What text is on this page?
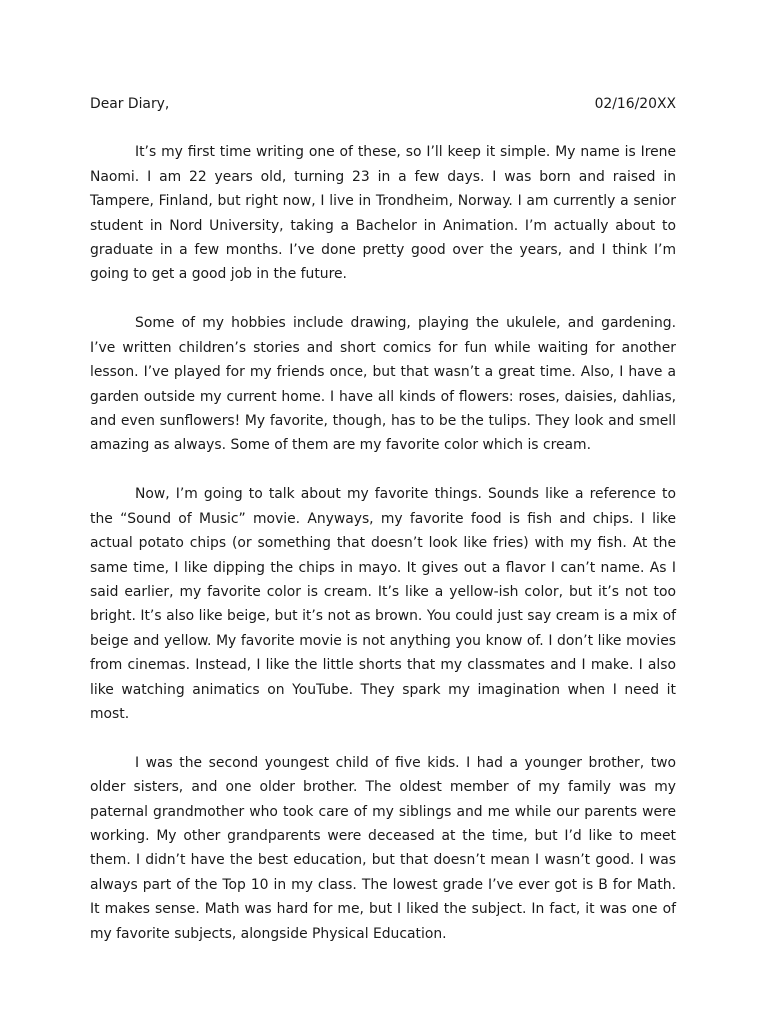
Dear Diary,	02/16/20XX

It’s my first time writing one of these, so I’ll keep it simple. My name is Irene Naomi. I am 22 years old, turning 23 in a few days. I was born and raised in Tampere, Finland, but right now, I live in Trondheim, Norway. I am currently a senior student in Nord University, taking a Bachelor in Animation. I’m actually about to graduate in a few months. I’ve done pretty good over the years, and I think I’m going to get a good job in the future.

Some of my hobbies include drawing, playing the ukulele, and gardening. I’ve written children’s stories and short comics for fun while waiting for another lesson. I’ve played for my friends once, but that wasn’t a great time. Also, I have a garden outside my current home. I have all kinds of flowers: roses, daisies, dahlias, and even sunflowers! My favorite, though, has to be the tulips. They look and smell amazing as always. Some of them are my favorite color which is cream.

Now, I’m going to talk about my favorite things. Sounds like a reference to the “Sound of Music” movie. Anyways, my favorite food is fish and chips. I like actual potato chips (or something that doesn’t look like fries) with my fish. At the same time, I like dipping the chips in mayo. It gives out a flavor I can’t name. As I said earlier, my favorite color is cream. It’s like a yellow-ish color, but it’s not too bright. It’s also like beige, but it’s not as brown. You could just say cream is a mix of beige and yellow. My favorite movie is not anything you know of. I don’t like movies from cinemas. Instead, I like the little shorts that my classmates and I make. I also like watching animatics on YouTube. They spark my imagination when I need it most.

I was the second youngest child of five kids. I had a younger brother, two older sisters, and one older brother. The oldest member of my family was my paternal grandmother who took care of my siblings and me while our parents were working. My other grandparents were deceased at the time, but I’d like to meet them. I didn’t have the best education, but that doesn’t mean I wasn’t good. I was always part of the Top 10 in my class. The lowest grade I’ve ever got is B for Math. It makes sense. Math was hard for me, but I liked the subject. In fact, it was one of my favorite subjects, alongside Physical Education.
